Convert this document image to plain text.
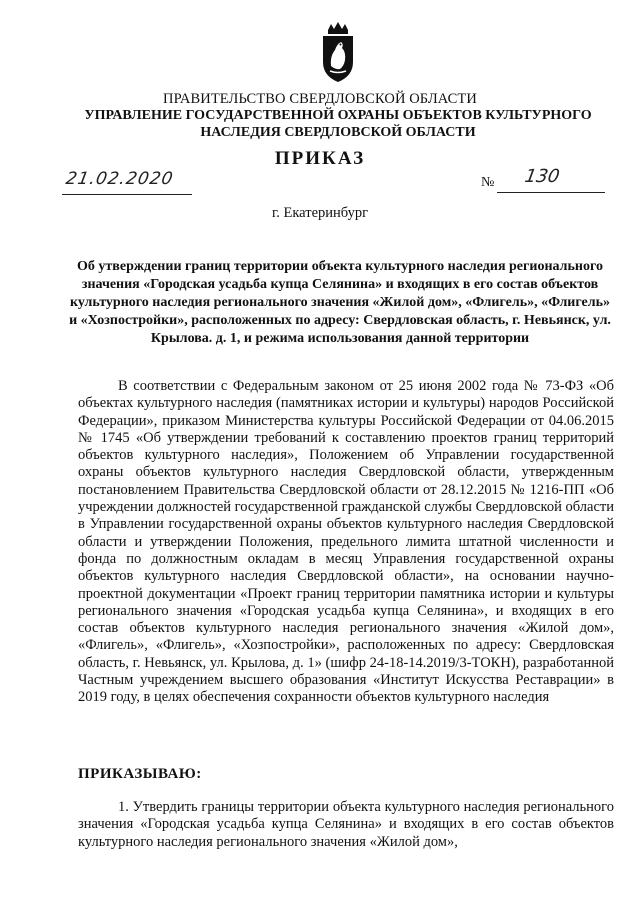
ПРАВИТЕЛЬСТВО СВЕРДЛОВСКОЙ ОБЛАСТИ
УПРАВЛЕНИЕ ГОСУДАРСТВЕННОЙ ОХРАНЫ ОБЪЕКТОВ КУЛЬТУРНОГО НАСЛЕДИЯ СВЕРДЛОВСКОЙ ОБЛАСТИ
ПРИКАЗ
21.02.2020	№ 130
г. Екатеринбург
Об утверждении границ территории объекта культурного наследия регионального значения «Городская усадьба купца Селянина» и входящих в его состав объектов культурного наследия регионального значения «Жилой дом», «Флигель», «Флигель» и «Хозпостройки», расположенных по адресу: Свердловская область, г. Невьянск, ул. Крылова. д. 1, и режима использования данной территории
В соответствии с Федеральным законом от 25 июня 2002 года № 73-ФЗ «Об объектах культурного наследия (памятниках истории и культуры) народов Российской Федерации», приказом Министерства культуры Российской Федерации от 04.06.2015 № 1745 «Об утверждении требований к составлению проектов границ территорий объектов культурного наследия», Положением об Управлении государственной охраны объектов культурного наследия Свердловской области, утвержденным постановлением Правительства Свердловской области от 28.12.2015 № 1216-ПП «Об учреждении должностей государственной гражданской службы Свердловской области в Управлении государственной охраны объектов культурного наследия Свердловской области и утверждении Положения, предельного лимита штатной численности и фонда по должностным окладам в месяц Управления государственной охраны объектов культурного наследия Свердловской области», на основании научно-проектной документации «Проект границ территории памятника истории и культуры регионального значения «Городская усадьба купца Селянина», и входящих в его состав объектов культурного наследия регионального значения «Жилой дом», «Флигель», «Флигель», «Хозпостройки», расположенных по адресу: Свердловская область, г. Невьянск, ул. Крылова, д. 1» (шифр 24-18-14.2019/3-ТОКН), разработанной Частным учреждением высшего образования «Институт Искусства Реставрации» в 2019 году, в целях обеспечения сохранности объектов культурного наследия
ПРИКАЗЫВАЮ:
1. Утвердить границы территории объекта культурного наследия регионального значения «Городская усадьба купца Селянина» и входящих в его состав объектов культурного наследия регионального значения «Жилой дом»,
